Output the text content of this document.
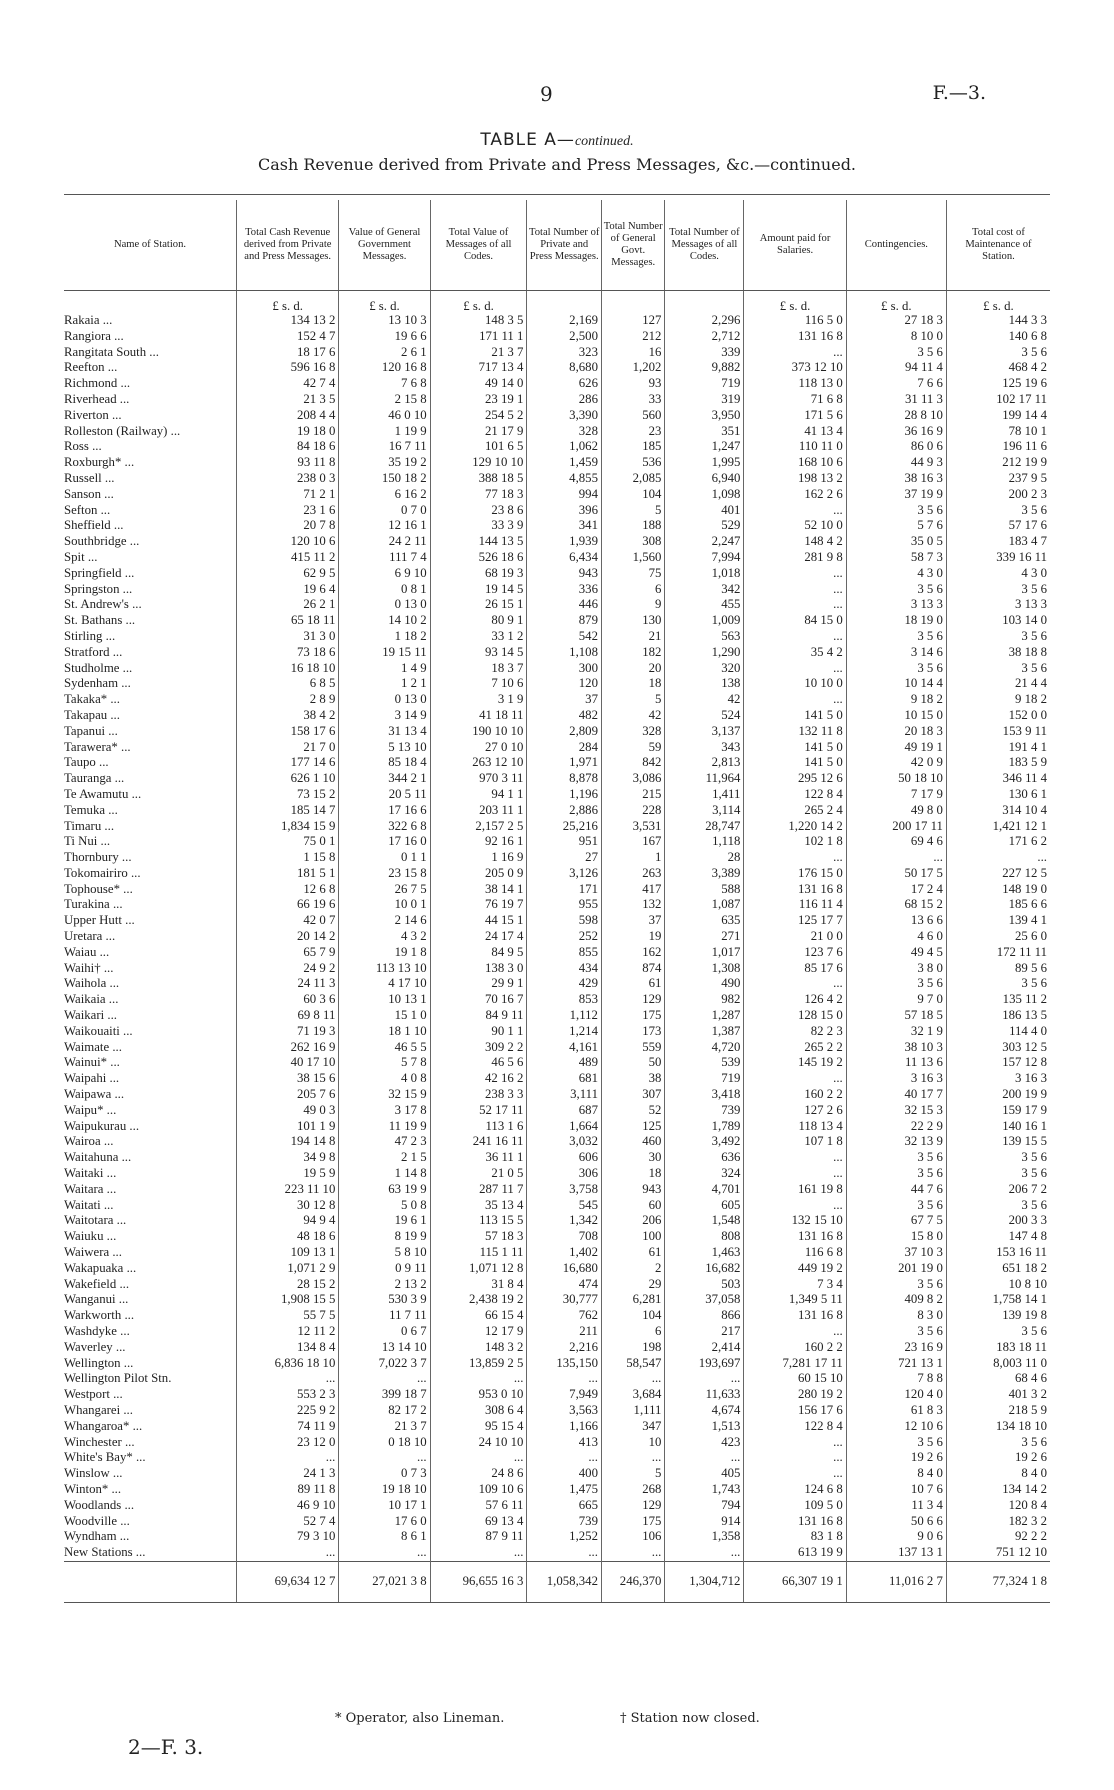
9	F.—3.
TABLE A—continued.
Cash Revenue derived from Private and Press Messages, &c.—continued.
Name of Station.	Total Cash Revenue derived from Private and Press Messages.	Value of General Government Messages.	Total Value of Messages of all Codes.	Total Number of Private and Press Messages.	Total Number of General Govt. Messages.	Total Number of Messages of all Codes.	Amount paid for Salaries.	Contingencies.	Total cost of Maintenance of Station.
	£ s. d.	£ s. d.	£ s. d.				£ s. d.	£ s. d.	£ s. d.
Rakaia ...	134 13 2	13 10 3	148 3 5	2,169	127	2,296	116 5 0	27 18 3	144 3 3
Rangiora ...	152 4 7	19 6 6	171 11 1	2,500	212	2,712	131 16 8	8 10 0	140 6 8
Rangitata South ...	18 17 6	2 6 1	21 3 7	323	16	339	...	3 5 6	3 5 6
Reefton ...	596 16 8	120 16 8	717 13 4	8,680	1,202	9,882	373 12 10	94 11 4	468 4 2
Richmond ...	42 7 4	7 6 8	49 14 0	626	93	719	118 13 0	7 6 6	125 19 6
Riverhead ...	21 3 5	2 15 8	23 19 1	286	33	319	71 6 8	31 11 3	102 17 11
Riverton ...	208 4 4	46 0 10	254 5 2	3,390	560	3,950	171 5 6	28 8 10	199 14 4
Rolleston (Railway) ...	19 18 0	1 19 9	21 17 9	328	23	351	41 13 4	36 16 9	78 10 1
Ross ...	84 18 6	16 7 11	101 6 5	1,062	185	1,247	110 11 0	86 0 6	196 11 6
Roxburgh* ...	93 11 8	35 19 2	129 10 10	1,459	536	1,995	168 10 6	44 9 3	212 19 9
Russell ...	238 0 3	150 18 2	388 18 5	4,855	2,085	6,940	198 13 2	38 16 3	237 9 5
Sanson ...	71 2 1	6 16 2	77 18 3	994	104	1,098	162 2 6	37 19 9	200 2 3
Sefton ...	23 1 6	0 7 0	23 8 6	396	5	401	...	3 5 6	3 5 6
Sheffield ...	20 7 8	12 16 1	33 3 9	341	188	529	52 10 0	5 7 6	57 17 6
Southbridge ...	120 10 6	24 2 11	144 13 5	1,939	308	2,247	148 4 2	35 0 5	183 4 7
Spit ...	415 11 2	111 7 4	526 18 6	6,434	1,560	7,994	281 9 8	58 7 3	339 16 11
Springfield ...	62 9 5	6 9 10	68 19 3	943	75	1,018	...	4 3 0	4 3 0
Springston ...	19 6 4	0 8 1	19 14 5	336	6	342	...	3 5 6	3 5 6
St. Andrew's ...	26 2 1	0 13 0	26 15 1	446	9	455	...	3 13 3	3 13 3
St. Bathans ...	65 18 11	14 10 2	80 9 1	879	130	1,009	84 15 0	18 19 0	103 14 0
Stirling ...	31 3 0	1 18 2	33 1 2	542	21	563	...	3 5 6	3 5 6
Stratford ...	73 18 6	19 15 11	93 14 5	1,108	182	1,290	35 4 2	3 14 6	38 18 8
Studholme ...	16 18 10	1 4 9	18 3 7	300	20	320	...	3 5 6	3 5 6
Sydenham ...	6 8 5	1 2 1	7 10 6	120	18	138	10 10 0	10 14 4	21 4 4
Takaka* ...	2 8 9	0 13 0	3 1 9	37	5	42	...	9 18 2	9 18 2
Takapau ...	38 4 2	3 14 9	41 18 11	482	42	524	141 5 0	10 15 0	152 0 0
Tapanui ...	158 17 6	31 13 4	190 10 10	2,809	328	3,137	132 11 8	20 18 3	153 9 11
Tarawera* ...	21 7 0	5 13 10	27 0 10	284	59	343	141 5 0	49 19 1	191 4 1
Taupo ...	177 14 6	85 18 4	263 12 10	1,971	842	2,813	141 5 0	42 0 9	183 5 9
Tauranga ...	626 1 10	344 2 1	970 3 11	8,878	3,086	11,964	295 12 6	50 18 10	346 11 4
Te Awamutu ...	73 15 2	20 5 11	94 1 1	1,196	215	1,411	122 8 4	7 17 9	130 6 1
Temuka ...	185 14 7	17 16 6	203 11 1	2,886	228	3,114	265 2 4	49 8 0	314 10 4
Timaru ...	1,834 15 9	322 6 8	2,157 2 5	25,216	3,531	28,747	1,220 14 2	200 17 11	1,421 12 1
Ti Nui ...	75 0 1	17 16 0	92 16 1	951	167	1,118	102 1 8	69 4 6	171 6 2
Thornbury ...	1 15 8	0 1 1	1 16 9	27	1	28	...	...	...
Tokomairiro ...	181 5 1	23 15 8	205 0 9	3,126	263	3,389	176 15 0	50 17 5	227 12 5
Tophouse* ...	12 6 8	26 7 5	38 14 1	171	417	588	131 16 8	17 2 4	148 19 0
Turakina ...	66 19 6	10 0 1	76 19 7	955	132	1,087	116 11 4	68 15 2	185 6 6
Upper Hutt ...	42 0 7	2 14 6	44 15 1	598	37	635	125 17 7	13 6 6	139 4 1
Uretara ...	20 14 2	4 3 2	24 17 4	252	19	271	21 0 0	4 6 0	25 6 0
Waiau ...	65 7 9	19 1 8	84 9 5	855	162	1,017	123 7 6	49 4 5	172 11 11
Waihi† ...	24 9 2	113 13 10	138 3 0	434	874	1,308	85 17 6	3 8 0	89 5 6
Waihola ...	24 11 3	4 17 10	29 9 1	429	61	490	...	3 5 6	3 5 6
Waikaia ...	60 3 6	10 13 1	70 16 7	853	129	982	126 4 2	9 7 0	135 11 2
Waikari ...	69 8 11	15 1 0	84 9 11	1,112	175	1,287	128 15 0	57 18 5	186 13 5
Waikouaiti ...	71 19 3	18 1 10	90 1 1	1,214	173	1,387	82 2 3	32 1 9	114 4 0
Waimate ...	262 16 9	46 5 5	309 2 2	4,161	559	4,720	265 2 2	38 10 3	303 12 5
Wainui* ...	40 17 10	5 7 8	46 5 6	489	50	539	145 19 2	11 13 6	157 12 8
Waipahi ...	38 15 6	4 0 8	42 16 2	681	38	719	...	3 16 3	3 16 3
Waipawa ...	205 7 6	32 15 9	238 3 3	3,111	307	3,418	160 2 2	40 17 7	200 19 9
Waipu* ...	49 0 3	3 17 8	52 17 11	687	52	739	127 2 6	32 15 3	159 17 9
Waipukurau ...	101 1 9	11 19 9	113 1 6	1,664	125	1,789	118 13 4	22 2 9	140 16 1
Wairoa ...	194 14 8	47 2 3	241 16 11	3,032	460	3,492	107 1 8	32 13 9	139 15 5
Waitahuna ...	34 9 8	2 1 5	36 11 1	606	30	636	...	3 5 6	3 5 6
Waitaki ...	19 5 9	1 14 8	21 0 5	306	18	324	...	3 5 6	3 5 6
Waitara ...	223 11 10	63 19 9	287 11 7	3,758	943	4,701	161 19 8	44 7 6	206 7 2
Waitati ...	30 12 8	5 0 8	35 13 4	545	60	605	...	3 5 6	3 5 6
Waitotara ...	94 9 4	19 6 1	113 15 5	1,342	206	1,548	132 15 10	67 7 5	200 3 3
Waiuku ...	48 18 6	8 19 9	57 18 3	708	100	808	131 16 8	15 8 0	147 4 8
Waiwera ...	109 13 1	5 8 10	115 1 11	1,402	61	1,463	116 6 8	37 10 3	153 16 11
Wakapuaka ...	1,071 2 9	0 9 11	1,071 12 8	16,680	2	16,682	449 19 2	201 19 0	651 18 2
Wakefield ...	28 15 2	2 13 2	31 8 4	474	29	503	7 3 4	3 5 6	10 8 10
Wanganui ...	1,908 15 5	530 3 9	2,438 19 2	30,777	6,281	37,058	1,349 5 11	409 8 2	1,758 14 1
Warkworth ...	55 7 5	11 7 11	66 15 4	762	104	866	131 16 8	8 3 0	139 19 8
Washdyke ...	12 11 2	0 6 7	12 17 9	211	6	217	...	3 5 6	3 5 6
Waverley ...	134 8 4	13 14 10	148 3 2	2,216	198	2,414	160 2 2	23 16 9	183 18 11
Wellington ...	6,836 18 10	7,022 3 7	13,859 2 5	135,150	58,547	193,697	7,281 17 11	721 13 1	8,003 11 0
Wellington Pilot Stn.	...	...	...	...	...	...	60 15 10	7 8 8	68 4 6
Westport ...	553 2 3	399 18 7	953 0 10	7,949	3,684	11,633	280 19 2	120 4 0	401 3 2
Whangarei ...	225 9 2	82 17 2	308 6 4	3,563	1,111	4,674	156 17 6	61 8 3	218 5 9
Whangaroa* ...	74 11 9	21 3 7	95 15 4	1,166	347	1,513	122 8 4	12 10 6	134 18 10
Winchester ...	23 12 0	0 18 10	24 10 10	413	10	423	...	3 5 6	3 5 6
White's Bay* ...	...	...	...	...	...	...	...	19 2 6	19 2 6
Winslow ...	24 1 3	0 7 3	24 8 6	400	5	405	...	8 4 0	8 4 0
Winton* ...	89 11 8	19 18 10	109 10 6	1,475	268	1,743	124 6 8	10 7 6	134 14 2
Woodlands ...	46 9 10	10 17 1	57 6 11	665	129	794	109 5 0	11 3 4	120 8 4
Woodville ...	52 7 4	17 6 0	69 13 4	739	175	914	131 16 8	50 6 6	182 3 2
Wyndham ...	79 3 10	8 6 1	87 9 11	1,252	106	1,358	83 1 8	9 0 6	92 2 2
New Stations ...	...	...	...	...	...	...	613 19 9	137 13 1	751 12 10
	69,634 12 7	27,021 3 8	96,655 16 3	1,058,342	246,370	1,304,712	66,307 19 1	11,016 2 7	77,324 1 8
* Operator, also Lineman.	† Station now closed.
2—F. 3.
